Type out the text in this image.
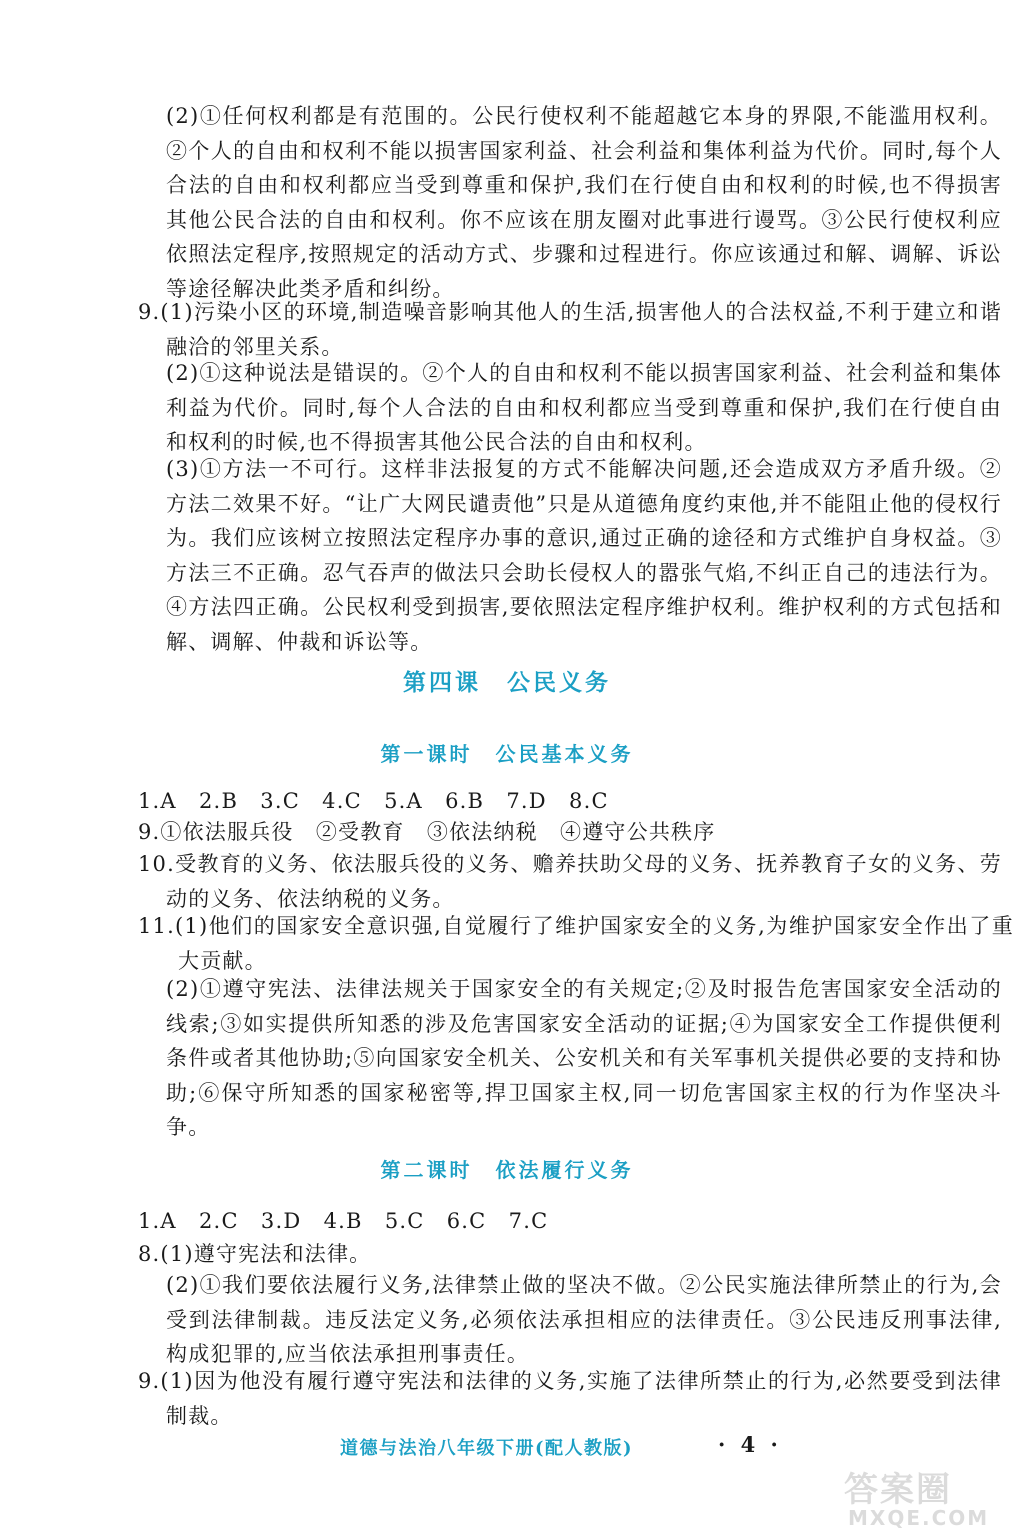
(2)①任何权利都是有范围的。公民行使权利不能超越它本身的界限,不能滥用权利。②个人的自由和权利不能以损害国家利益、社会利益和集体利益为代价。同时,每个人合法的自由和权利都应当受到尊重和保护,我们在行使自由和权利的时候,也不得损害其他公民合法的自由和权利。你不应该在朋友圈对此事进行谩骂。③公民行使权利应依照法定程序,按照规定的活动方式、步骤和过程进行。你应该通过和解、调解、诉讼等途径解决此类矛盾和纠纷。

9.(1)污染小区的环境,制造噪音影响其他人的生活,损害他人的合法权益,不利于建立和谐融洽的邻里关系。

(2)①这种说法是错误的。②个人的自由和权利不能以损害国家利益、社会利益和集体利益为代价。同时,每个人合法的自由和权利都应当受到尊重和保护,我们在行使自由和权利的时候,也不得损害其他公民合法的自由和权利。

(3)①方法一不可行。这样非法报复的方式不能解决问题,还会造成双方矛盾升级。②方法二效果不好。“让广大网民谴责他”只是从道德角度约束他,并不能阻止他的侵权行为。我们应该树立按照法定程序办事的意识,通过正确的途径和方式维护自身权益。③方法三不正确。忍气吞声的做法只会助长侵权人的嚣张气焰,不纠正自己的违法行为。④方法四正确。公民权利受到损害,要依照法定程序维护权利。维护权利的方式包括和解、调解、仲裁和诉讼等。

第四课　公民义务
第一课时　公民基本义务

1.A　2.B　3.C　4.C　5.A　6.B　7.D　8.C

9.①依法服兵役　②受教育　③依法纳税　④遵守公共秩序

10.受教育的义务、依法服兵役的义务、赡养扶助父母的义务、抚养教育子女的义务、劳动的义务、依法纳税的义务。

11.(1)他们的国家安全意识强,自觉履行了维护国家安全的义务,为维护国家安全作出了重大贡献。

(2)①遵守宪法、法律法规关于国家安全的有关规定;②及时报告危害国家安全活动的线索;③如实提供所知悉的涉及危害国家安全活动的证据;④为国家安全工作提供便利条件或者其他协助;⑤向国家安全机关、公安机关和有关军事机关提供必要的支持和协助;⑥保守所知悉的国家秘密等,捍卫国家主权,同一切危害国家主权的行为作坚决斗争。

第二课时　依法履行义务

1.A　2.C　3.D　4.B　5.C　6.C　7.C

8.(1)遵守宪法和法律。

(2)①我们要依法履行义务,法律禁止做的坚决不做。②公民实施法律所禁止的行为,会受到法律制裁。违反法定义务,必须依法承担相应的法律责任。③公民违反刑事法律,构成犯罪的,应当依法承担刑事责任。

9.(1)因为他没有履行遵守宪法和法律的义务,实施了法律所禁止的行为,必然要受到法律制裁。

道德与法治八年级下册(配人教版)	· 4 ·
答案圈
MXQE.COM
